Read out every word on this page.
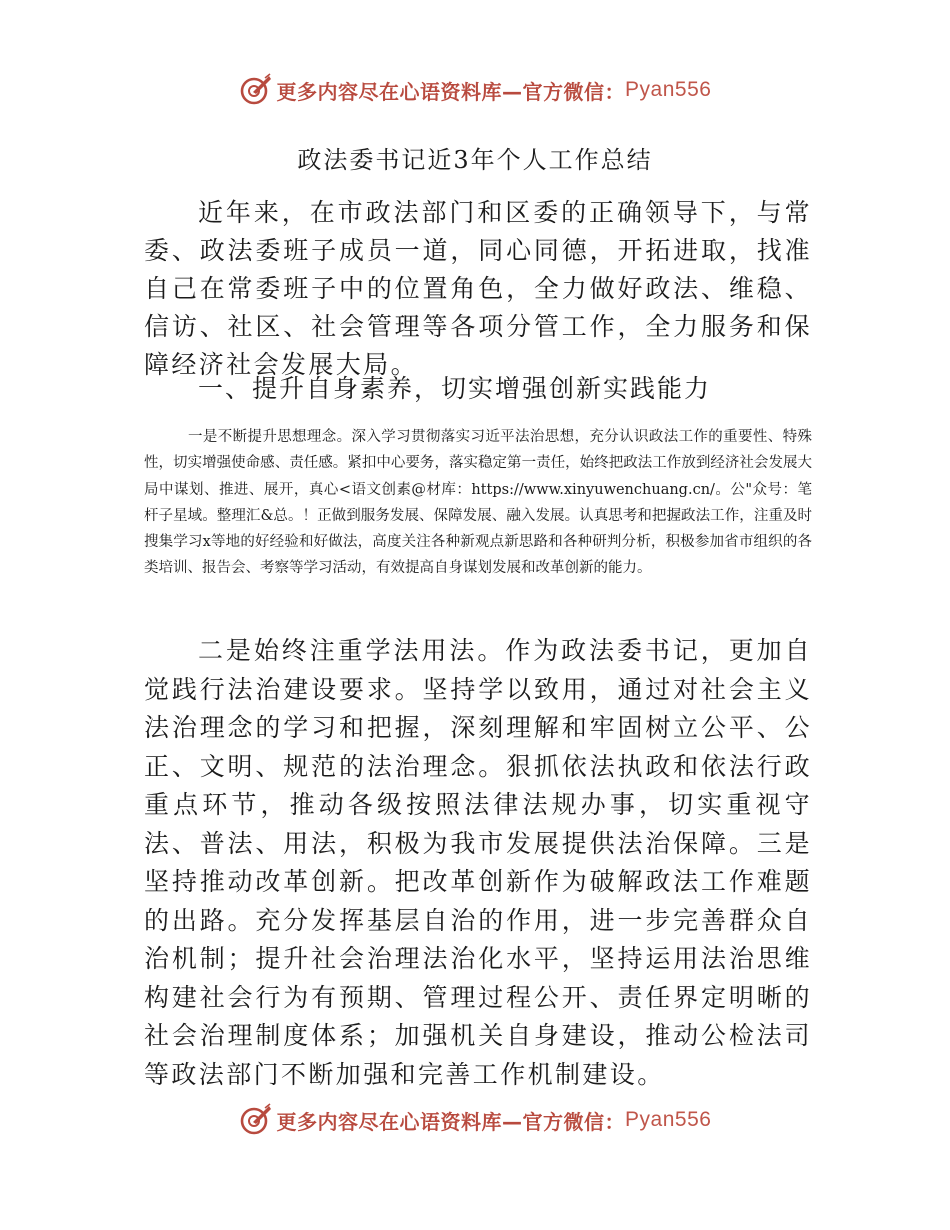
更多内容尽在心语资料库—官方微信： Pyan556
政法委书记近3年个人工作总结

近年来，在市政法部门和区委的正确领导下，与常委、政法委班子成员一道，同心同德，开拓进取，找准自己在常委班子中的位置角色，全力做好政法、维稳、信访、社区、社会管理等各项分管工作，全力服务和保障经济社会发展大局。

一、提升自身素养，切实增强创新实践能力

一是不断提升思想理念。深入学习贯彻落实习近平法治思想，充分认识政法工作的重要性、特殊性，切实增强使命感、责任感。紧扣中心要务，落实稳定第一责任，始终把政法工作放到经济社会发展大局中谋划、推进、展开，真心<语文创素@材库：https://www.xinyuwenchuang.cn/。公"众号：笔杆子星域。整理汇&总。！正做到服务发展、保障发展、融入发展。认真思考和把握政法工作，注重及时搜集学习x等地的好经验和好做法，高度关注各种新观点新思路和各种研判分析，积极参加省市组织的各类培训、报告会、考察等学习活动，有效提高自身谋划发展和改革创新的能力。

二是始终注重学法用法。作为政法委书记，更加自觉践行法治建设要求。坚持学以致用，通过对社会主义法治理念的学习和把握，深刻理解和牢固树立公平、公正、文明、规范的法治理念。狠抓依法执政和依法行政重点环节，推动各级按照法律法规办事，切实重视守法、普法、用法，积极为我市发展提供法治保障。三是坚持推动改革创新。把改革创新作为破解政法工作难题的出路。充分发挥基层自治的作用，进一步完善群众自治机制；提升社会治理法治化水平，坚持运用法治思维构建社会行为有预期、管理过程公开、责任界定明晰的社会治理制度体系；加强机关自身建设，推动公检法司等政法部门不断加强和完善工作机制建设。

更多内容尽在心语资料库—官方微信： Pyan556
